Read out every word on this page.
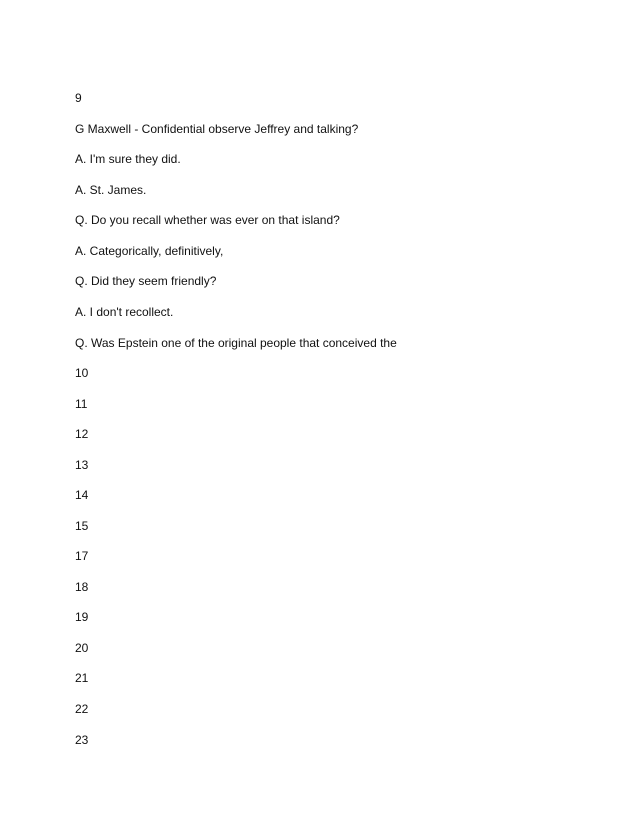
9
G Maxwell - Confidential observe Jeffrey and talking?
A. I'm sure they did.
A. St. James.
Q. Do you recall whether was ever on that island?
A. Categorically, definitively,
Q. Did they seem friendly?
A. I don't recollect.
Q. Was Epstein one of the original people that conceived the
10
11
12
13
14
15
17
18
19
20
21
22
23
